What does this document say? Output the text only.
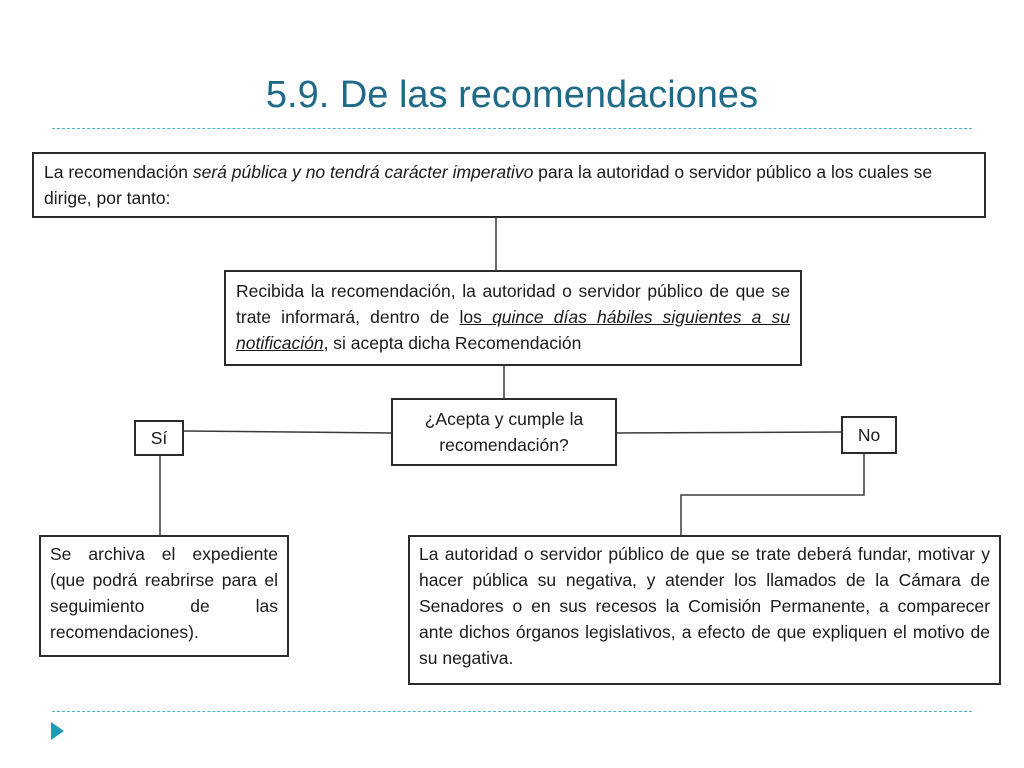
5.9. De las recomendaciones
La recomendación será pública y no tendrá carácter imperativo para la autoridad o servidor público a los cuales se dirige, por tanto:
Recibida la recomendación, la autoridad o servidor público de que se trate informará, dentro de los quince días hábiles siguientes a su notificación, si acepta dicha Recomendación
¿Acepta y cumple la recomendación?
Sí	No
Se archiva el expediente (que podrá reabrirse para el seguimiento de las recomendaciones).
La autoridad o servidor público de que se trate deberá fundar, motivar y hacer pública su negativa, y atender los llamados de la Cámara de Senadores o en sus recesos la Comisión Permanente, a comparecer ante dichos órganos legislativos, a efecto de que expliquen el motivo de su negativa.
